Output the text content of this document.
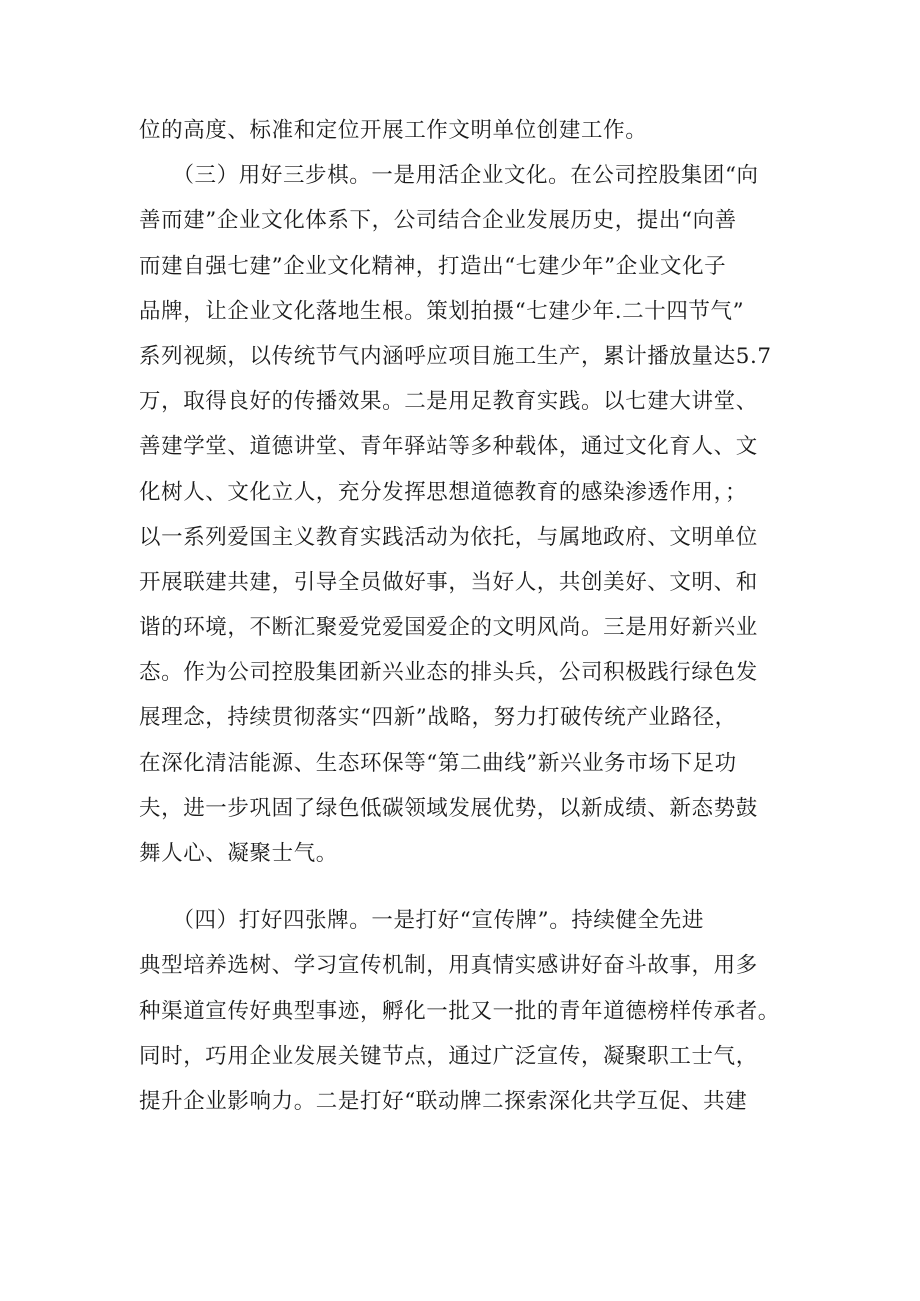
位的高度、标准和定位开展工作文明单位创建工作。
　　（三）用好三步棋。一是用活企业文化。在公司控股集团“向
善而建”企业文化体系下，公司结合企业发展历史，提出“向善
而建自强七建”企业文化精神，打造出“七建少年”企业文化子
品牌，让企业文化落地生根。策划拍摄“七建少年.二十四节气”
系列视频，以传统节气内涵呼应项目施工生产，累计播放量达5.7
万，取得良好的传播效果。二是用足教育实践。以七建大讲堂、
善建学堂、道德讲堂、青年驿站等多种载体，通过文化育人、文
化树人、文化立人，充分发挥思想道德教育的感染渗透作用，；
以一系列爱国主义教育实践活动为依托，与属地政府、文明单位
开展联建共建，引导全员做好事，当好人，共创美好、文明、和
谐的环境，不断汇聚爱党爱国爱企的文明风尚。三是用好新兴业
态。作为公司控股集团新兴业态的排头兵，公司积极践行绿色发
展理念，持续贯彻落实“四新”战略，努力打破传统产业路径，
在深化清洁能源、生态环保等“第二曲线”新兴业务市场下足功
夫，进一步巩固了绿色低碳领域发展优势，以新成绩、新态势鼓
舞人心、凝聚士气。
　　（四）打好四张牌。一是打好“宣传牌”。持续健全先进
典型培养选树、学习宣传机制，用真情实感讲好奋斗故事，用多
种渠道宣传好典型事迹，孵化一批又一批的青年道德榜样传承者。
同时，巧用企业发展关键节点，通过广泛宣传，凝聚职工士气，
提升企业影响力。二是打好“联动牌二探索深化共学互促、共建
